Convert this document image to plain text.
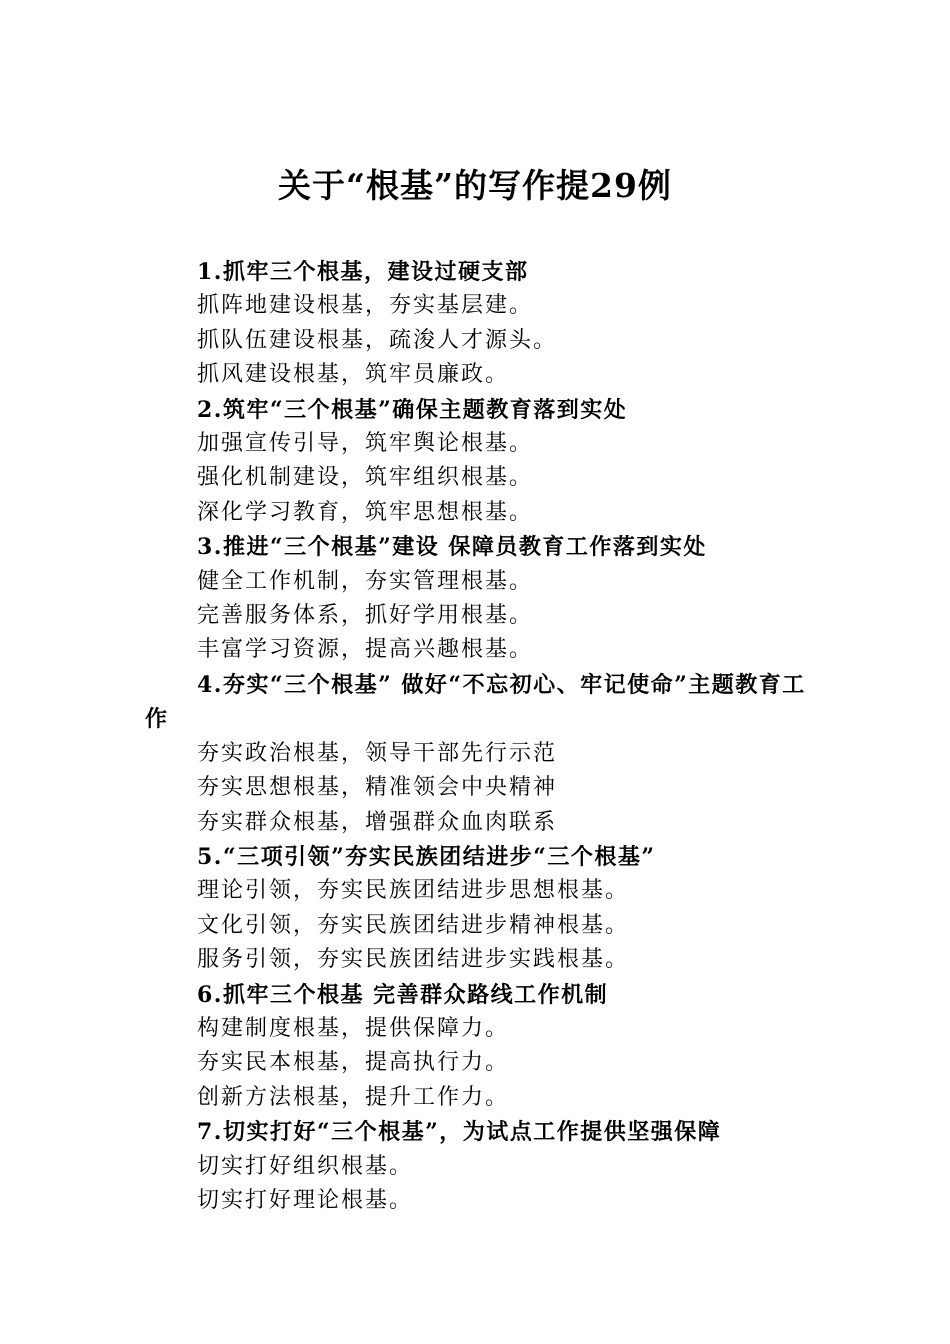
关于“根基”的写作提29例
1.抓牢三个根基，建设过硬支部
抓阵地建设根基，夯实基层建。
抓队伍建设根基，疏浚人才源头。
抓风建设根基，筑牢员廉政。
2.筑牢“三个根基”确保主题教育落到实处
加强宣传引导，筑牢舆论根基。
强化机制建设，筑牢组织根基。
深化学习教育，筑牢思想根基。
3.推进“三个根基”建设 保障员教育工作落到实处
健全工作机制，夯实管理根基。
完善服务体系，抓好学用根基。
丰富学习资源，提高兴趣根基。
4.夯实“三个根基” 做好“不忘初心、牢记使命”主题教育工作
夯实政治根基，领导干部先行示范
夯实思想根基，精准领会中央精神
夯实群众根基，增强群众血肉联系
5.“三项引领”夯实民族团结进步“三个根基”
理论引领，夯实民族团结进步思想根基。
文化引领，夯实民族团结进步精神根基。
服务引领，夯实民族团结进步实践根基。
6.抓牢三个根基 完善群众路线工作机制
构建制度根基，提供保障力。
夯实民本根基，提高执行力。
创新方法根基，提升工作力。
7.切实打好“三个根基”，为试点工作提供坚强保障
切实打好组织根基。
切实打好理论根基。
